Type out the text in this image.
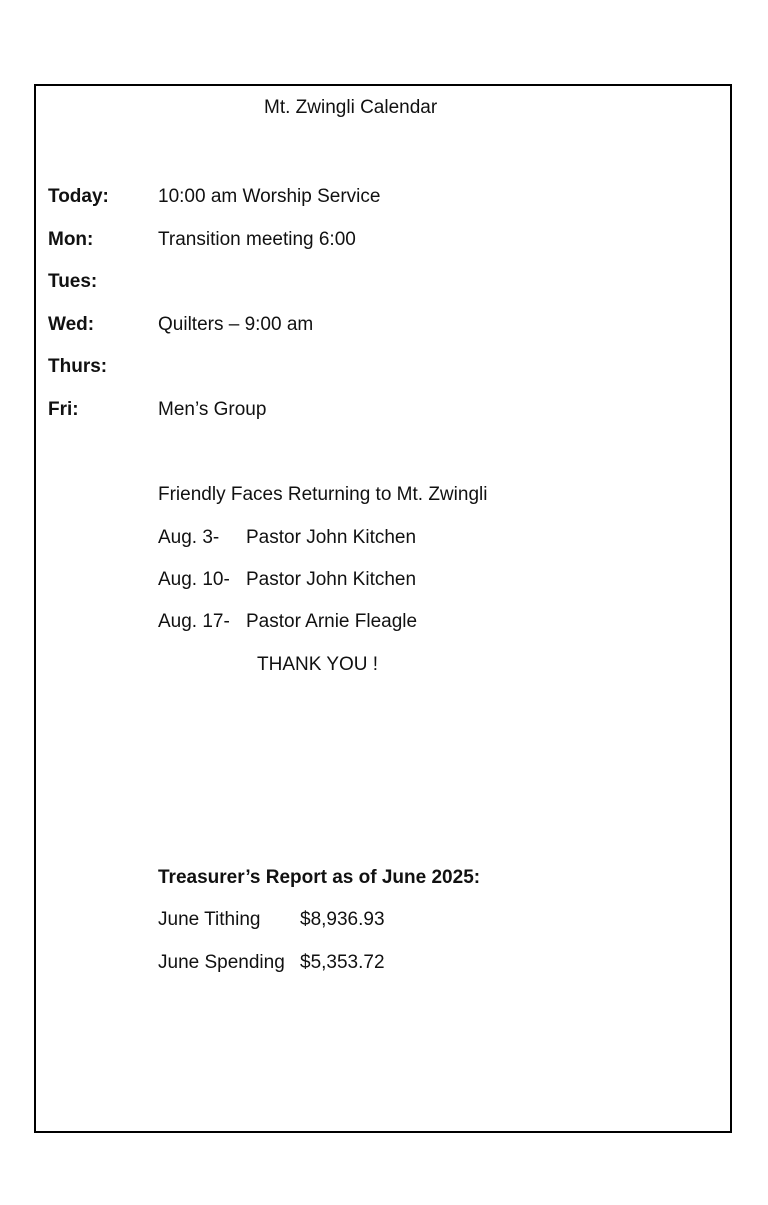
Mt. Zwingli Calendar
Today:	10:00 am Worship Service
Mon:	Transition meeting 6:00
Tues:
Wed:	Quilters – 9:00 am
Thurs:
Fri:	Men’s Group
Friendly Faces Returning to Mt. Zwingli
Aug. 3- Pastor John Kitchen
Aug. 10- Pastor John Kitchen
Aug. 17- Pastor Arnie Fleagle
THANK YOU !
Treasurer’s Report as of June 2025:
June Tithing $8,936.93
June Spending $5,353.72
